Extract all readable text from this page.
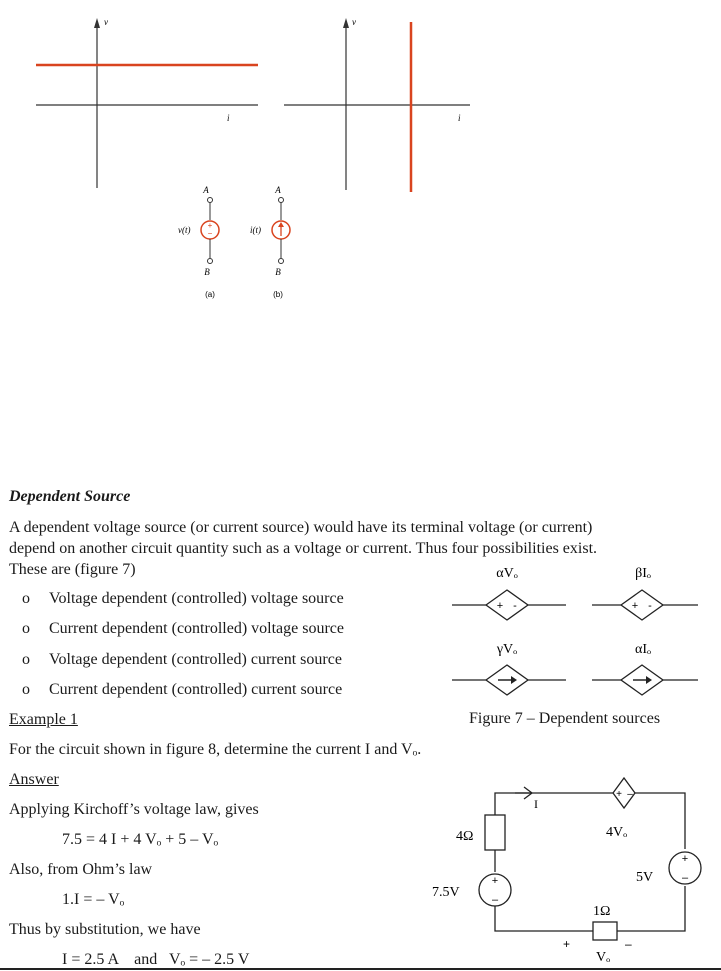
v
i
v
i
A
+
−
v(t)
B
(a)
A
i(t)
B
(b)
Dependent Source
A dependent voltage source (or current source) would have its terminal voltage (or current)
depend on another circuit quantity such as a voltage or current. Thus four possibilities exist.
These are (figure 7)
o Voltage dependent (controlled) voltage source
o Current dependent (controlled) voltage source
o Voltage dependent (controlled) current source
o Current dependent (controlled) current source
αVₒ	βIₒ
+ -	+ -
γVₒ	αIₒ
Figure 7 – Dependent sources
Example 1
For the circuit shown in figure 8, determine the current I and Vₒ.
Answer
Applying Kirchoff’s voltage law, gives
7.5 = 4 I + 4 Vₒ + 5 – Vₒ
Also, from Ohm’s law
1.I = – Vₒ
Thus by substitution, we have
I = 2.5 A    and   Vₒ = – 2.5 V
I
4Ω
+
–
7.5V
+ –
4Vₒ
+
–
5V
1Ω
+	–
Vₒ
